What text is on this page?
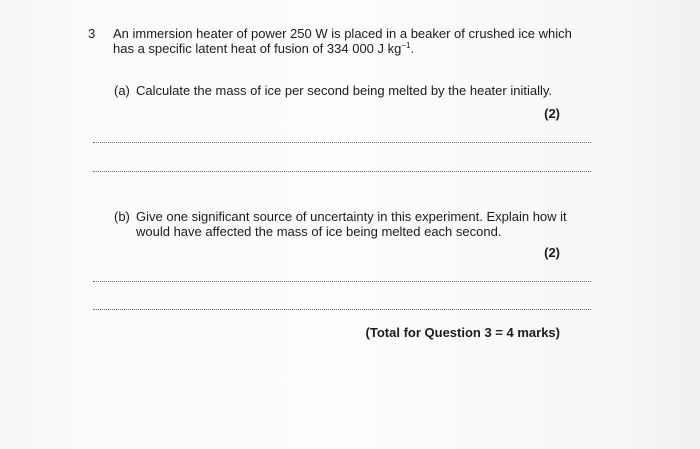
3 An immersion heater of power 250 W is placed in a beaker of crushed ice which
has a specific latent heat of fusion of 334 000 J $kg^{-1}$.
(a) Calculate the mass of ice per second being melted by the heater initially.
(2)
(b) Give one significant source of uncertainty in this experiment. Explain how it
would have affected the mass of ice being melted each second.
(2)
(Total for Question 3 = 4 marks)
